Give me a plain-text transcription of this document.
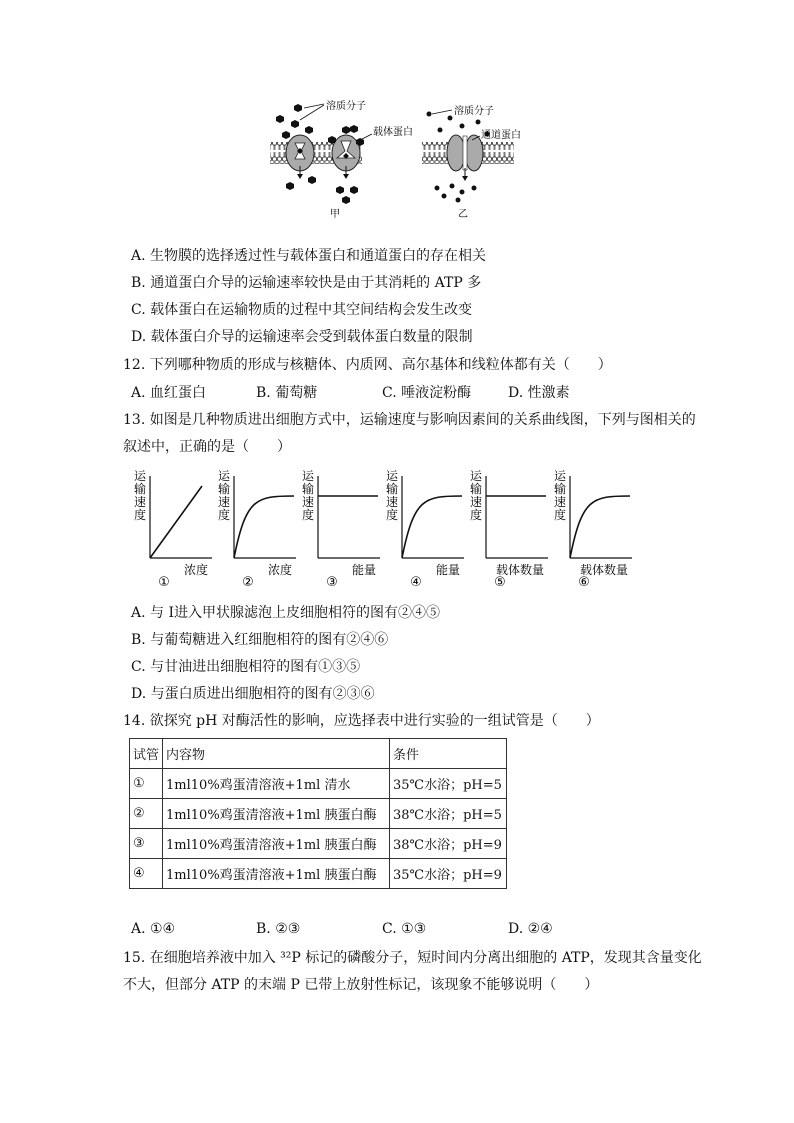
溶质分子
载体蛋白
甲
溶质分子
通道蛋白
乙
A. 生物膜的选择透过性与载体蛋白和通道蛋白的存在相关
B. 通道蛋白介导的运输速率较快是由于其消耗的 ATP 多
C. 载体蛋白在运输物质的过程中其空间结构会发生改变
D. 载体蛋白介导的运输速率会受到载体蛋白数量的限制
12. 下列哪种物质的形成与核糖体、内质网、高尔基体和线粒体都有关（　　）
A. 血红蛋白	B. 葡萄糖	C. 唾液淀粉酶	D. 性激素
13. 如图是几种物质进出细胞方式中，运输速度与影响因素间的关系曲线图，下列与图相关的
叙述中，正确的是（　　）
运输速度
浓度
①
运输速度
浓度
②
运输速度
能量
③
运输速度
能量
④
运输速度
载体数量
⑤
运输速度
载体数量
⑥
A. 与 I进入甲状腺滤泡上皮细胞相符的图有②④⑤
B. 与葡萄糖进入红细胞相符的图有②④⑥
C. 与甘油进出细胞相符的图有①③⑤
D. 与蛋白质进出细胞相符的图有②③⑥
14. 欲探究 pH 对酶活性的影响，应选择表中进行实验的一组试管是（　　）
试管	内容物	条件
①	1ml10%鸡蛋清溶液+1ml 清水	35℃水浴；pH=5
②	1ml10%鸡蛋清溶液+1ml 胰蛋白酶	38℃水浴；pH=5
③	1ml10%鸡蛋清溶液+1ml 胰蛋白酶	38℃水浴；pH=9
④	1ml10%鸡蛋清溶液+1ml 胰蛋白酶	35℃水浴；pH=9
A. ①④	B. ②③	C. ①③	D. ②④
15. 在细胞培养液中加入 ³²P 标记的磷酸分子，短时间内分离出细胞的 ATP，发现其含量变化
不大，但部分 ATP 的末端 P 已带上放射性标记，该现象不能够说明（　　）
